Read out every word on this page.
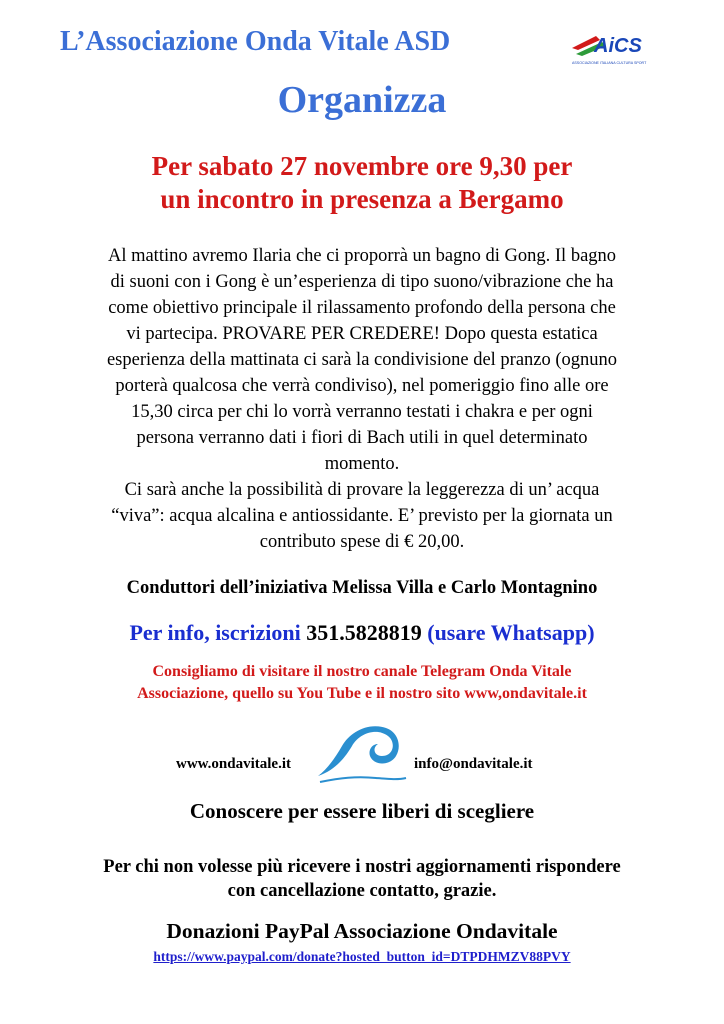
L’Associazione Onda Vitale ASD	AiCS
ASSOCIAZIONE ITALIANA CULTURA SPORT
Organizza

Per sabato 27 novembre ore 9,30 per

un incontro in presenza a Bergamo

Al mattino avremo Ilaria che ci proporrà un bagno di Gong. Il bagno

di suoni con i Gong è un’esperienza di tipo suono/vibrazione che ha

come obiettivo principale il rilassamento profondo della persona che

vi partecipa. PROVARE PER CREDERE! Dopo questa estatica

esperienza della mattinata ci sarà la condivisione del pranzo (ognuno

porterà qualcosa che verrà condiviso), nel pomeriggio fino alle ore

15,30 circa per chi lo vorrà verranno testati i chakra e per ogni

persona verranno dati i fiori di Bach utili in quel determinato

momento.

Ci sarà anche la possibilità di provare la leggerezza di un’ acqua

“viva”: acqua alcalina e antiossidante. E’ previsto per la giornata un

contributo spese di € 20,00.

Conduttori dell’iniziativa Melissa Villa e Carlo Montagnino
Per info, iscrizioni 351.5828819 (usare Whatsapp)

Consigliamo di visitare il nostro canale Telegram Onda Vitale

Associazione, quello su You Tube e il nostro sito www,ondavitale.it

www.ondavitale.it	info@ondavitale.it
Conoscere per essere liberi di scegliere

Per chi non volesse più ricevere i nostri aggiornamenti rispondere

con cancellazione contatto, grazie.

Donazioni PayPal Associazione Ondavitale
https://www.paypal.com/donate?hosted_button_id=DTPDHMZV88PVY
